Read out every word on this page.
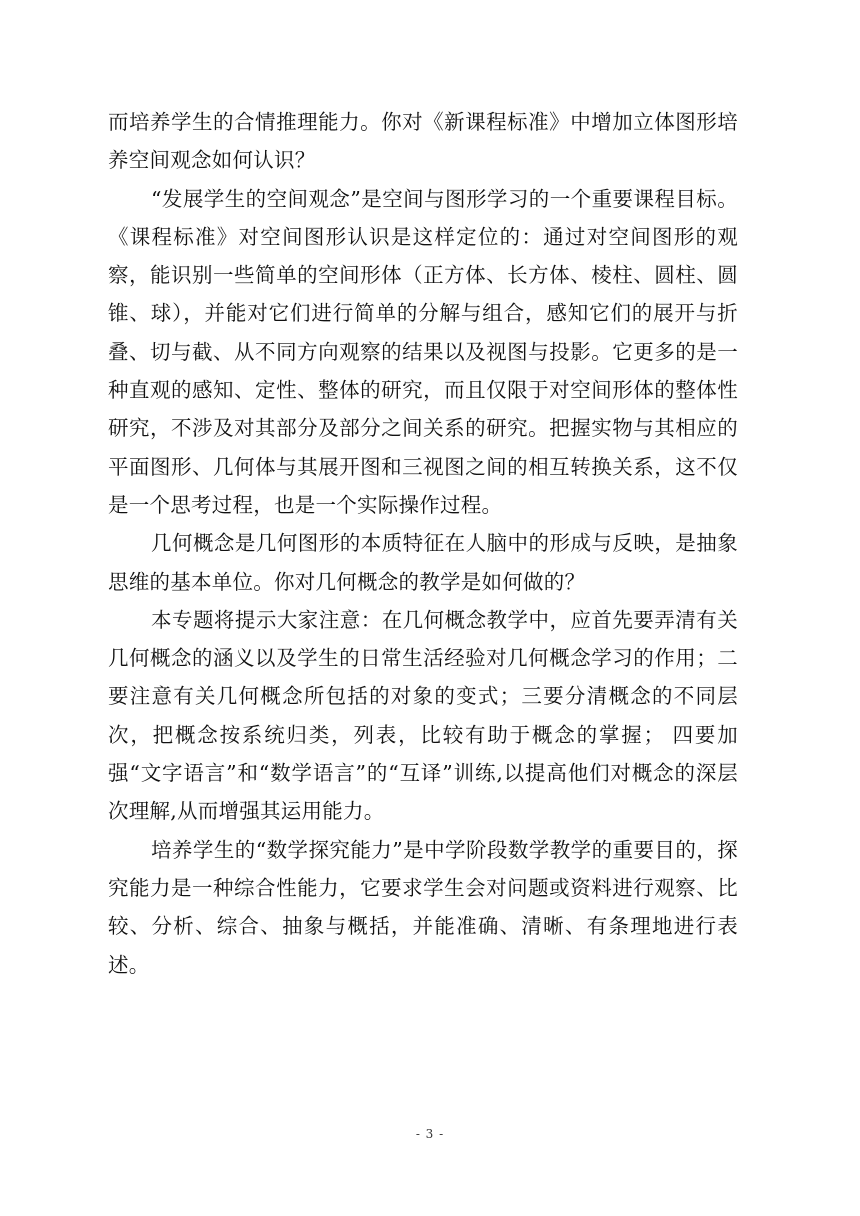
而培养学生的合情推理能力。你对《新课程标准》中增加立体图形培养空间观念如何认识？

“发展学生的空间观念”是空间与图形学习的一个重要课程目标。《课程标准》对空间图形认识是这样定位的：通过对空间图形的观察，能识别一些简单的空间形体（正方体、长方体、棱柱、圆柱、圆锥、球），并能对它们进行简单的分解与组合，感知它们的展开与折叠、切与截、从不同方向观察的结果以及视图与投影。它更多的是一种直观的感知、定性、整体的研究，而且仅限于对空间形体的整体性研究，不涉及对其部分及部分之间关系的研究。把握实物与其相应的平面图形、几何体与其展开图和三视图之间的相互转换关系，这不仅是一个思考过程，也是一个实际操作过程。

几何概念是几何图形的本质特征在人脑中的形成与反映，是抽象思维的基本单位。你对几何概念的教学是如何做的？

本专题将提示大家注意：在几何概念教学中，应首先要弄清有关几何概念的涵义以及学生的日常生活经验对几何概念学习的作用；二要注意有关几何概念所包括的对象的变式；三要分清概念的不同层次，把概念按系统归类，列表，比较有助于概念的掌握； 四要加强“文字语言”和“数学语言”的“互译”训练,以提高他们对概念的深层次理解,从而增强其运用能力。

培养学生的“数学探究能力”是中学阶段数学教学的重要目的，探究能力是一种综合性能力，它要求学生会对问题或资料进行观察、比较、分析、综合、抽象与概括，并能准确、清晰、有条理地进行表述。

- 3 -
